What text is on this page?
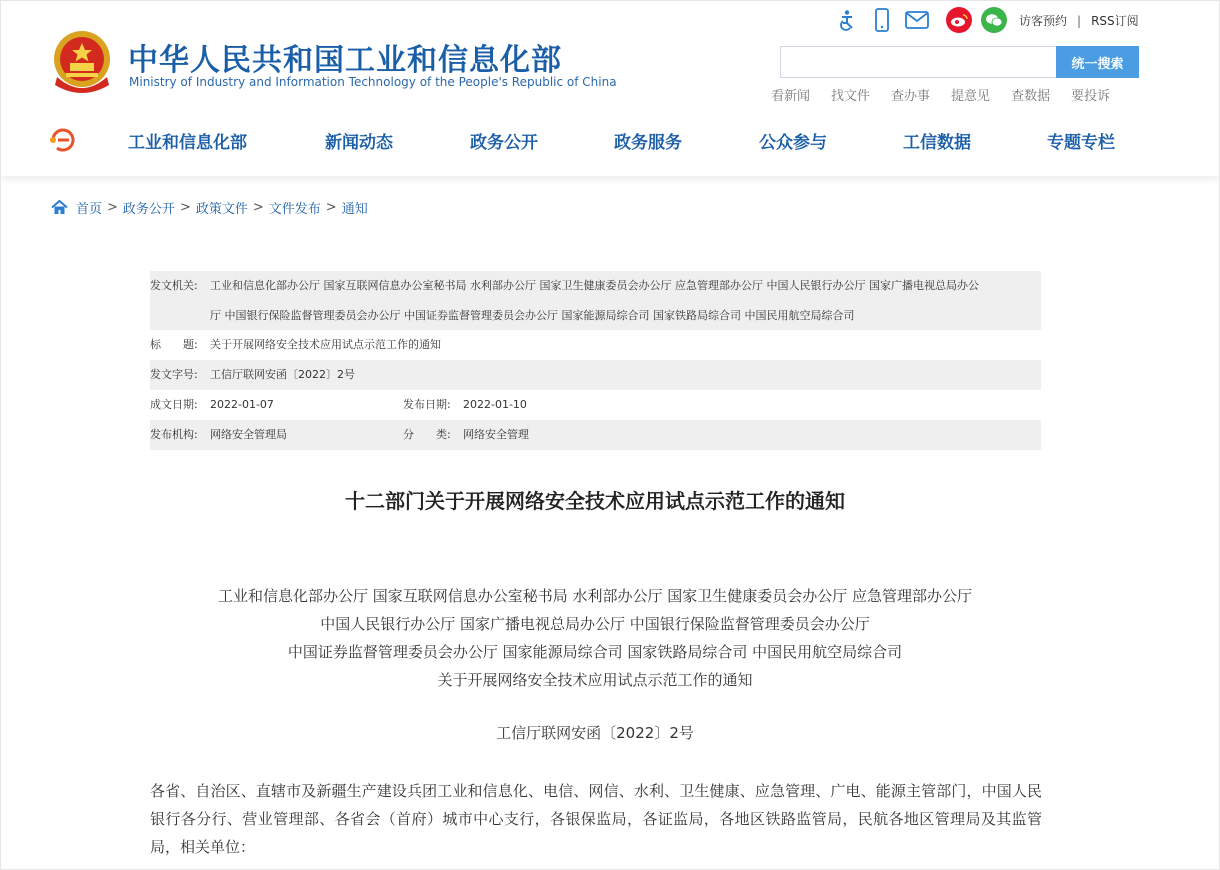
中华人民共和国工业和信息化部
Ministry of Industry and Information Technology of the People's Republic of China
访客预约 | RSS订阅
统一搜索
看新闻 找文件 查办事 提意见 查数据 要投诉
工业和信息化部	新闻动态	政务公开	政务服务	公众参与	工信数据	专题专栏
首页 > 政务公开 > 政策文件 > 文件发布 > 通知
发文机关:	工业和信息化部办公厅 国家互联网信息办公室秘书局 水利部办公厅 国家卫生健康委员会办公厅 应急管理部办公厅 中国人民银行办公厅 国家广播电视总局办公
厅 中国银行保险监督管理委员会办公厅 中国证券监督管理委员会办公厅 国家能源局综合司 国家铁路局综合司 中国民用航空局综合司
标　　题:	关于开展网络安全技术应用试点示范工作的通知
发文字号:	工信厅联网安函〔2022〕2号
成文日期:	2022-01-07	发布日期:	2022-01-10
发布机构:	网络安全管理局	分　　类:	网络安全管理
十二部门关于开展网络安全技术应用试点示范工作的通知
工业和信息化部办公厅 国家互联网信息办公室秘书局 水利部办公厅 国家卫生健康委员会办公厅 应急管理部办公厅
中国人民银行办公厅 国家广播电视总局办公厅 中国银行保险监督管理委员会办公厅
中国证券监督管理委员会办公厅 国家能源局综合司 国家铁路局综合司 中国民用航空局综合司
关于开展网络安全技术应用试点示范工作的通知
工信厅联网安函〔2022〕2号
各省、自治区、直辖市及新疆生产建设兵团工业和信息化、电信、网信、水利、卫生健康、应急管理、广电、能源主管部门，中国人民银行各分行、营业管理部、各省会（首府）城市中心支行，各银保监局，各证监局，各地区铁路监管局，民航各地区管理局及其监管局，相关单位：
